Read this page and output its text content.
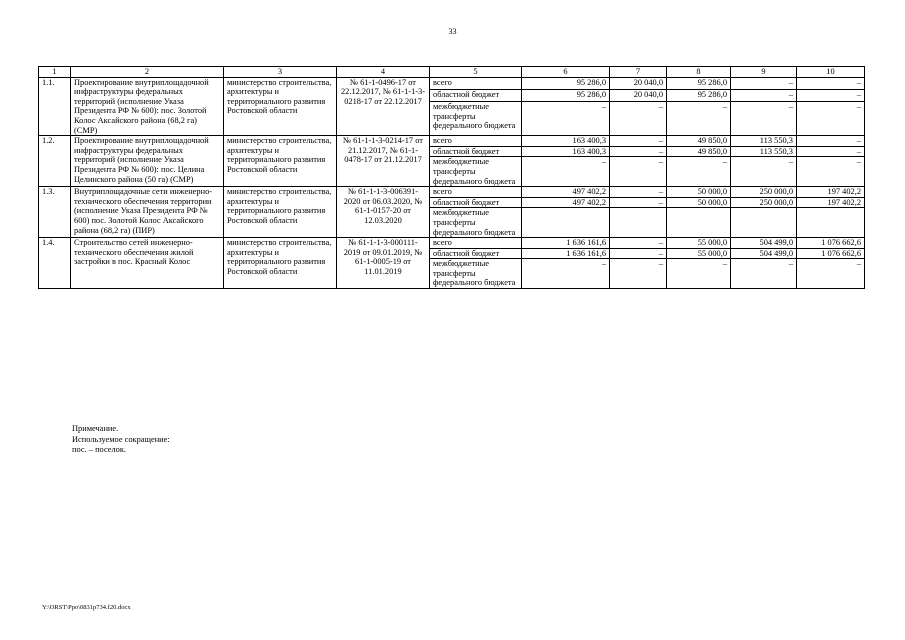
33
1	2	3	4	5	6	7	8	9	10
1.1.	Проектирование внутриплощадочной инфраструктуры федеральных территорий (исполнение Указа Президента РФ № 600): пос. Золотой Колос Аксайского района (68,2 га) (СМР)	министерство строительства, архитектуры и территориального развития Ростовской области	№ 61-1-0496-17 от 22.12.2017, № 61-1-1-3-0218-17 от 22.12.2017	всего	95 286,0	20 040,0	95 286,0	–	–
				областной бюджет	95 286,0	20 040,0	95 286,0	–	–
				межбюджетные трансферты федерального бюджета	–	–	–	–	–
1.2.	Проектирование внутриплощадочной инфраструктуры федеральных территорий (исполнение Указа Президента РФ № 600): пос. Целина Целинского района (50 га) (СМР)	министерство строительства, архитектуры и территориального развития Ростовской области	№ 61-1-1-3-0214-17 от 21.12.2017, № 61-1-0478-17 от 21.12.2017	всего	163 400,3	–	49 850,0	113 550,3	–
				областной бюджет	163 400,3	–	49 850,0	113 550,3	–
				межбюджетные трансферты федерального бюджета	–	–	–	–	–
1.3.	Внутриплощадочные сети инженерно-технического обеспечения территории (исполнение Указа Президента РФ № 600) пос. Золотой Колос Аксайского района (68,2 га) (ПИР)	министерство строительства, архитектуры и территориального развития Ростовской области	№ 61-1-1-3-006391-2020 от 06.03.2020, № 61-1-0157-20 от 12.03.2020	всего	497 402,2	–	50 000,0	250 000,0	197 402,2
				областной бюджет	497 402,2	–	50 000,0	250 000,0	197 402,2
				межбюджетные трансферты федерального бюджета					
1.4.	Строительство сетей инженерно-технического обеспечения жилой застройки в пос. Красный Колос	министерство строительства, архитектуры и территориального развития Ростовской области	№ 61-1-1-3-000111-2019 от 09.01.2019, № 61-1-0005-19 от 11.01.2019	всего	1 636 161,6	–	55 000,0	504 499,0	1 076 662,6
				областной бюджет	1 636 161,6	–	55 000,0	504 499,0	1 076 662,6
				межбюджетные трансферты федерального бюджета	–	–	–	–	–
Примечание.
Используемое сокращение:
пос. – поселок.
Y:\ORST\Ppo\0831p734.f20.docx
